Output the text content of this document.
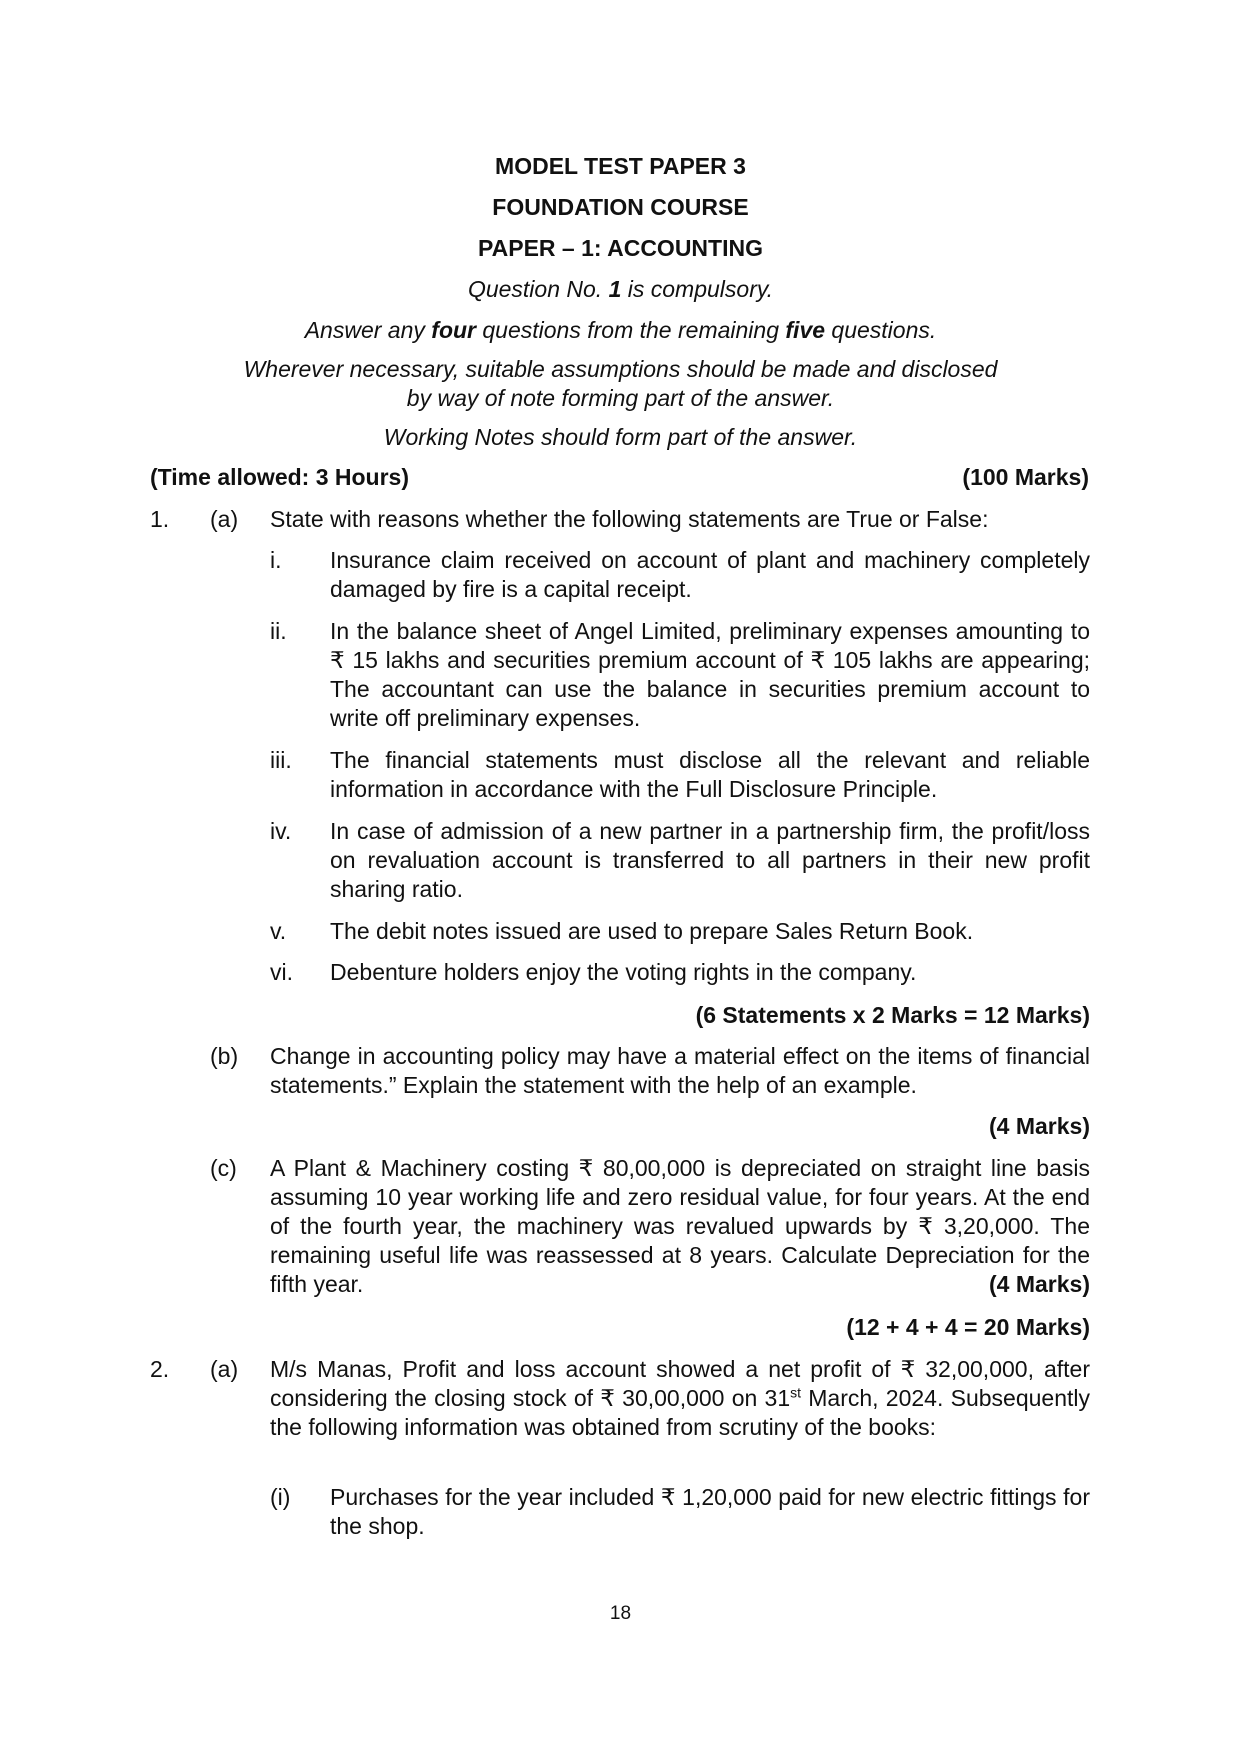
MODEL TEST PAPER 3
FOUNDATION COURSE
PAPER – 1: ACCOUNTING
Question No. 1 is compulsory.
Answer any four questions from the remaining five questions.
Wherever necessary, suitable assumptions should be made and disclosed
by way of note forming part of the answer.
Working Notes should form part of the answer.
(Time allowed: 3 Hours)	(100 Marks)
1. (a) State with reasons whether the following statements are True or False:
i. Insurance claim received on account of plant and machinery completely damaged by fire is a capital receipt.
ii. In the balance sheet of Angel Limited, preliminary expenses amounting to ₹ 15 lakhs and securities premium account of ₹ 105 lakhs are appearing; The accountant can use the balance in securities premium account to write off preliminary expenses.
iii. The financial statements must disclose all the relevant and reliable information in accordance with the Full Disclosure Principle.
iv. In case of admission of a new partner in a partnership firm, the profit/loss on revaluation account is transferred to all partners in their new profit sharing ratio.
v. The debit notes issued are used to prepare Sales Return Book.
vi. Debenture holders enjoy the voting rights in the company.
(6 Statements x 2 Marks = 12 Marks)
(b) Change in accounting policy may have a material effect on the items of financial statements.” Explain the statement with the help of an example.
(4 Marks)
(c) A Plant & Machinery costing ₹ 80,00,000 is depreciated on straight line basis assuming 10 year working life and zero residual value, for four years. At the end of the fourth year, the machinery was revalued upwards by ₹ 3,20,000. The remaining useful life was reassessed at 8 years. Calculate Depreciation for the fifth year.	(4 Marks)
(12 + 4 + 4 = 20 Marks)
2. (a) M/s Manas, Profit and loss account showed a net profit of ₹ 32,00,000, after considering the closing stock of ₹ 30,00,000 on 31st March, 2024. Subsequently the following information was obtained from scrutiny of the books:
(i) Purchases for the year included ₹ 1,20,000 paid for new electric fittings for the shop.
18
